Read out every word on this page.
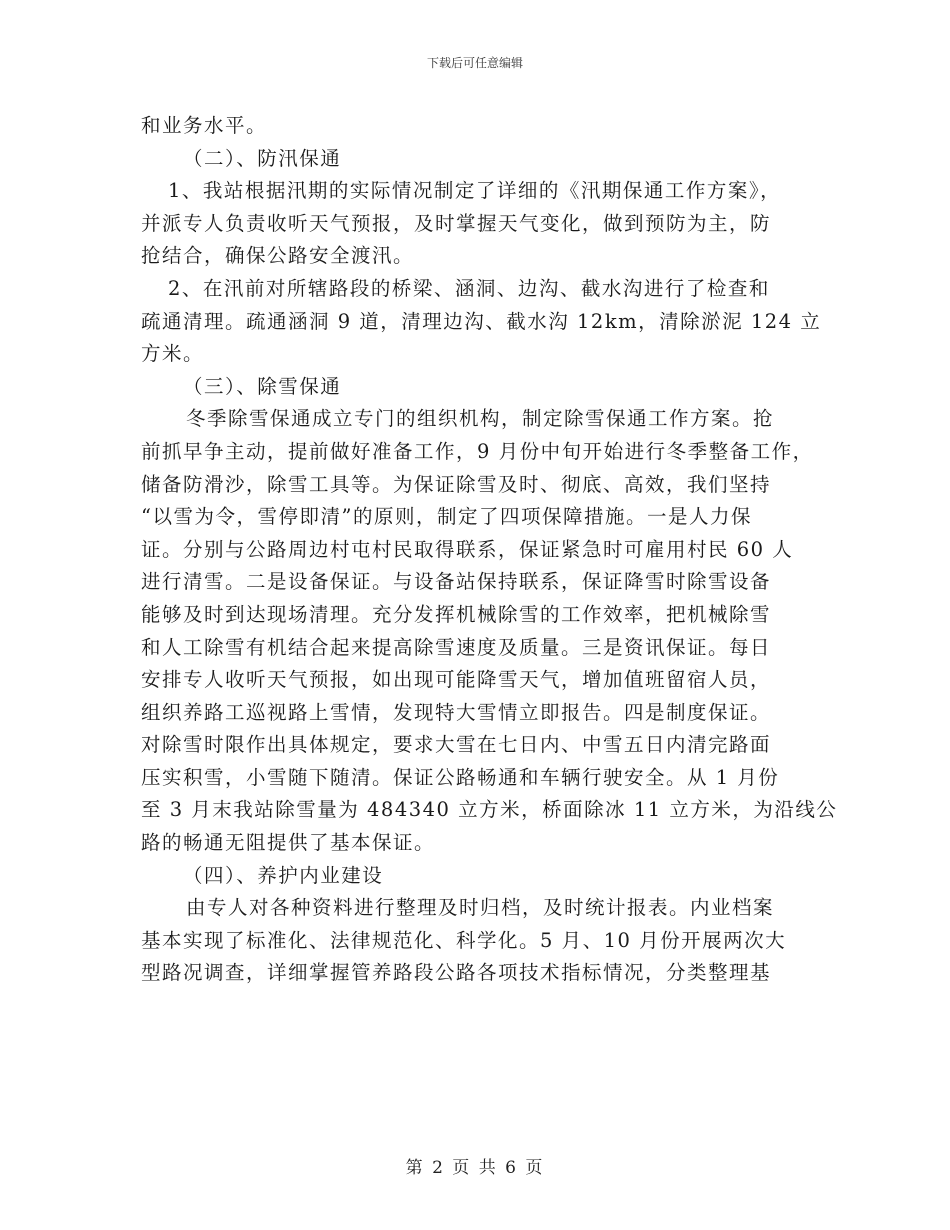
下载后可任意编辑
和业务水平。
（二）、防汛保通
1、我站根据汛期的实际情况制定了详细的《汛期保通工作方案》，
并派专人负责收听天气预报，及时掌握天气变化，做到预防为主，防
抢结合，确保公路安全渡汛。
2、在汛前对所辖路段的桥梁、涵洞、边沟、截水沟进行了检查和
疏通清理。疏通涵洞 9 道，清理边沟、截水沟 12km，清除淤泥 124 立
方米。
（三）、除雪保通
冬季除雪保通成立专门的组织机构，制定除雪保通工作方案。抢
前抓早争主动，提前做好准备工作，9 月份中旬开始进行冬季整备工作，
储备防滑沙，除雪工具等。为保证除雪及时、彻底、高效，我们坚持
“以雪为令，雪停即清”的原则，制定了四项保障措施。一是人力保
证。分别与公路周边村屯村民取得联系，保证紧急时可雇用村民 60 人
进行清雪。二是设备保证。与设备站保持联系，保证降雪时除雪设备
能够及时到达现场清理。充分发挥机械除雪的工作效率，把机械除雪
和人工除雪有机结合起来提高除雪速度及质量。三是资讯保证。每日
安排专人收听天气预报，如出现可能降雪天气，增加值班留宿人员，
组织养路工巡视路上雪情，发现特大雪情立即报告。四是制度保证。
对除雪时限作出具体规定，要求大雪在七日内、中雪五日内清完路面
压实积雪，小雪随下随清。保证公路畅通和车辆行驶安全。从 1 月份
至 3 月末我站除雪量为 484340 立方米，桥面除冰 11 立方米，为沿线公
路的畅通无阻提供了基本保证。
（四）、养护内业建设
由专人对各种资料进行整理及时归档，及时统计报表。内业档案
基本实现了标准化、法律规范化、科学化。5 月、10 月份开展两次大
型路况调查，详细掌握管养路段公路各项技术指标情况，分类整理基
第 2 页 共 6 页
